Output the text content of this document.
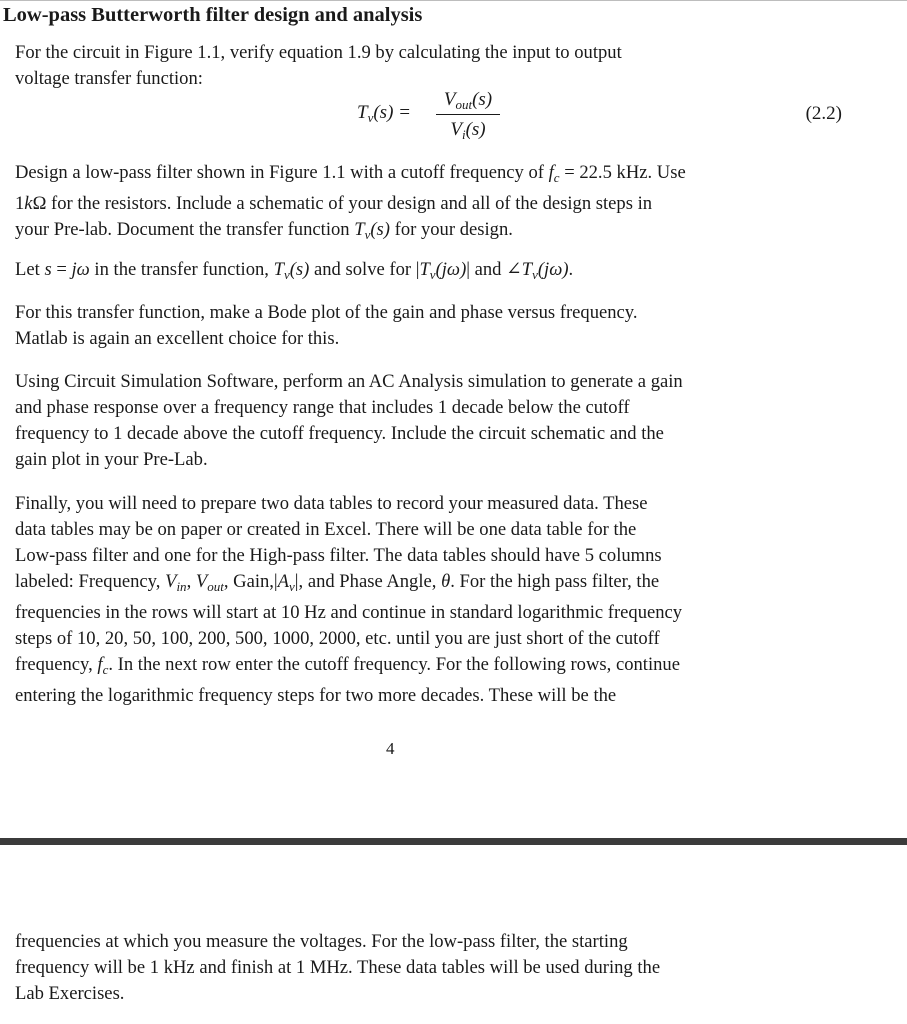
Low-pass Butterworth filter design and analysis

For the circuit in Figure 1.1, verify equation 1.9 by calculating the input to output
voltage transfer function:

$T_v(s)$ =
$V_{out}(s)$
$V_i(s)$
(2.2)

Design a low-pass filter shown in Figure 1.1 with a cutoff frequency of $f_c = 22.5$ kHz. Use
1kΩ for the resistors. Include a schematic of your design and all of the design steps in
your Pre-lab. Document the transfer function $T_v(s)$ for your design.

Let s = jω in the transfer function, $T_v(s)$ and solve for $|T_v(j\omega)|$ and $\angle T_v(j\omega)$.

For this transfer function, make a Bode plot of the gain and phase versus frequency.
Matlab is again an excellent choice for this.

Using Circuit Simulation Software, perform an AC Analysis simulation to generate a gain
and phase response over a frequency range that includes 1 decade below the cutoff
frequency to 1 decade above the cutoff frequency. Include the circuit schematic and the
gain plot in your Pre-Lab.

Finally, you will need to prepare two data tables to record your measured data. These
data tables may be on paper or created in Excel. There will be one data table for the
Low-pass filter and one for the High-pass filter. The data tables should have 5 columns
labeled: Frequency, $V_{in}$, $V_{out}$, $Gain,|A_v|$, and Phase Angle, θ. For the high pass filter, the
frequencies in the rows will start at 10 Hz and continue in standard logarithmic frequency
steps of 10, 20, 50, 100, 200, 500, 1000, 2000, etc. until you are just short of the cutoff
frequency, $f_c$. In the next row enter the cutoff frequency. For the following rows, continue
entering the logarithmic frequency steps for two more decades. These will be the

4

frequencies at which you measure the voltages. For the low-pass filter, the starting
frequency will be 1 kHz and finish at 1 MHz. These data tables will be used during the
Lab Exercises.
